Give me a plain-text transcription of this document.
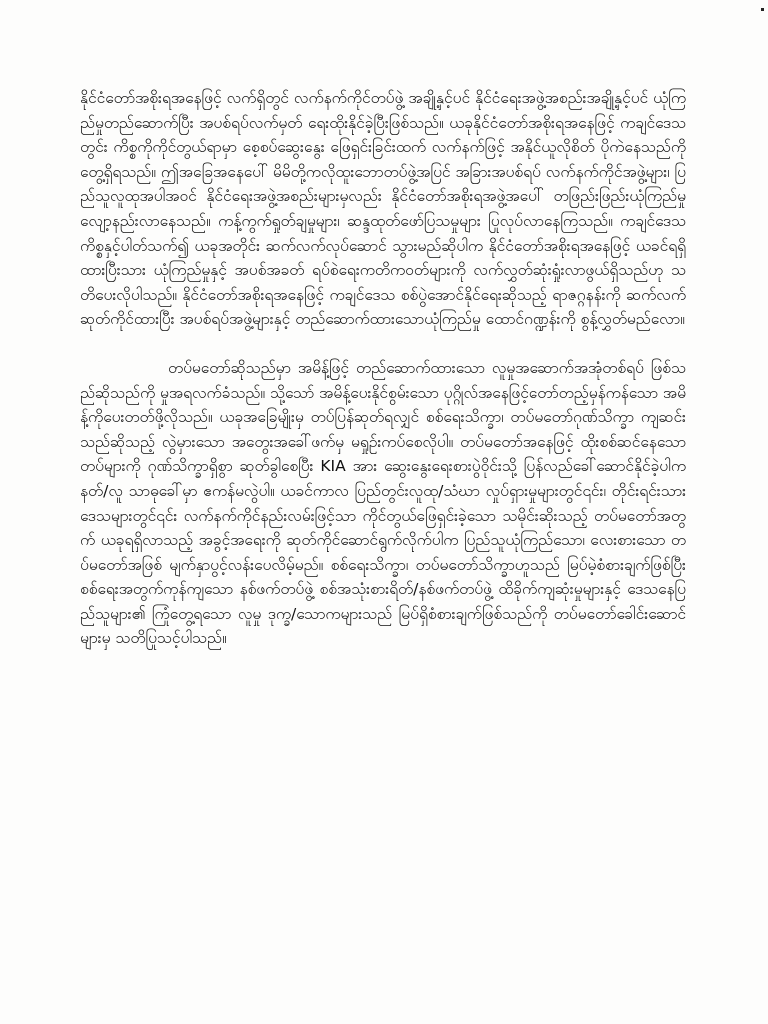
နိုင်ငံတော်အစိုးရအနေဖြင့် လက်ရှိတွင် လက်နက်ကိုင်တပ်ဖွဲ့ အချို့နှင့်ပင် နိုင်ငံရေးအဖွဲ့အစည်းအချို့နှင့်ပင် ယုံကြည်မှုတည်ဆောက်ပြီး အပစ်ရပ်လက်မှတ် ရေးထိုးနိုင်ခဲ့ပြီးဖြစ်သည်။ ယခုနိုင်ငံတော်အစိုးရအနေဖြင့် ကချင်ဒေသတွင်း ကိစ္စကိုကိုင်တွယ်ရာမှာ စေ့စပ်ဆွေးနွေး ဖြေရှင်းခြင်းထက် လက်နက်ဖြင့် အနိုင်ယူလိုစိတ် ပိုကဲနေသည်ကို တွေ့ရှိရသည်။ ဤအခြေအနေပေါ် မိမိတို့ကလိုထူးဘောတပ်ဖွဲ့အပြင် အခြားအပစ်ရပ် လက်နက်ကိုင်အဖွဲ့များ၊ ပြည်သူလူထုအပါအဝင် နိုင်ငံရေးအဖွဲ့အစည်းများမှလည်း နိုင်ငံတော်အစိုးရအဖွဲ့အပေါ် တဖြည်းဖြည်းယုံကြည်မှု လျော့နည်းလာနေသည်။ ကန့်ကွက်ရှုတ်ချမှုများ၊ ဆန္ဒထုတ်ဖော်ပြသမှုများ ပြုလုပ်လာနေကြသည်။ ကချင်ဒေသကိစ္စနှင့်ပါတ်သက်၍ ယခုအတိုင်း ဆက်လက်လုပ်ဆောင် သွားမည်ဆိုပါက နိုင်ငံတော်အစိုးရအနေဖြင့် ယခင်ရရှိထားပြီးသား ယုံကြည်မှုနှင့် အပစ်အခတ် ရပ်စဲရေးကတိကဝတ်များကို လက်လွှတ်ဆုံးရှုံးလာဖွယ်ရှိသည်ဟု သတိပေးလိုပါသည်။ နိုင်ငံတော်အစိုးရအနေဖြင့် ကချင်ဒေသ စစ်ပွဲအောင်နိုင်ရေးဆိုသည့် ရာဇဂ္ဂနန်းကို ဆက်လက်ဆုတ်ကိုင်ထားပြီး အပစ်ရပ်အဖွဲ့များနှင့် တည်ဆောက်ထားသောယုံကြည်မှု ထောင်ဂဏ္ဍန်းကို စွန့်လွှတ်မည်လော။

တပ်မတော်ဆိုသည်မှာ အမိန့်ဖြင့် တည်ဆောက်ထားသော လူမှုအဆောက်အအုံတစ်ရပ် ဖြစ်သည်ဆိုသည်ကို မှုအရလက်ခံသည်။ သို့သော် အမိန့်ပေးနိုင်စွမ်းသော ပုဂ္ဂိုလ်အနေဖြင့်တော်တည့်မှန်ကန်သော အမိန့်ကိုပေးတတ်ဖို့လိုသည်။ ယခုအခြေမျိုးမှ တပ်ပြန်ဆုတ်ရလျှင် စစ်ရေးသိက္ခာ၊ တပ်မတော်ဂုဏ်သိက္ခာ ကျဆင်းသည်ဆိုသည့် လွဲမှားသော အတွေးအခေါ်ဖက်မှ မရှုဉ်းကပ်စေလိုပါ။ တပ်မတော်အနေဖြင့် ထိုးစစ်ဆင်နေသောတပ်များကို ဂုဏ်သိက္ခာရှိစွာ ဆုတ်ခွါစေပြီး KIA အား ဆွေးနွေးရေးစားပွဲဝိုင်းသို့ ပြန်လည်ခေါ်ဆောင်နိုင်ခဲ့ပါက နတ်/လူ သာဓုခေါ်မှာ ဧကန်မလွဲပါ။ ယခင်ကာလ ပြည်တွင်းလူထု/သံဃာ လှုပ်ရှားမှုများတွင်၎င်း၊ တိုင်းရင်းသားဒေသများတွင်၎င်း လက်နက်ကိုင်နည်းလမ်းဖြင့်သာ ကိုင်တွယ်ဖြေရှင်းခဲ့သော သမိုင်းဆိုးသည့် တပ်မတော်အတွက် ယခုရရှိလာသည့် အခွင့်အရေးကို ဆုတ်ကိုင်ဆောင်ရွက်လိုက်ပါက ပြည်သူယုံကြည်သော၊ လေးစားသော တပ်မတော်အဖြစ် မျက်နှာပွင့်လန်းပေလိမ့်မည်။ စစ်ရေးသိက္ခာ၊ တပ်မတော်သိက္ခာဟူသည် မြပ်မဲ့စံစားချက်ဖြစ်ပြီး စစ်ရေးအတွက်ကုန်ကျသော နစ်ဖက်တပ်ဖွဲ့ စစ်အသုံးစားရိတ်/နစ်ဖက်တပ်ဖွဲ့ ထိခိုက်ကျဆုံးမှုများနှင့် ဒေသနေပြည်သူများ၏ ကြုံတွေ့ရသော လူမှု ဒုက္ခ/သောကများသည် မြပ်ရှိစံစားချက်ဖြစ်သည်ကို တပ်မတော်ခေါင်းဆောင်များမှ သတိပြုသင့်ပါသည်။
